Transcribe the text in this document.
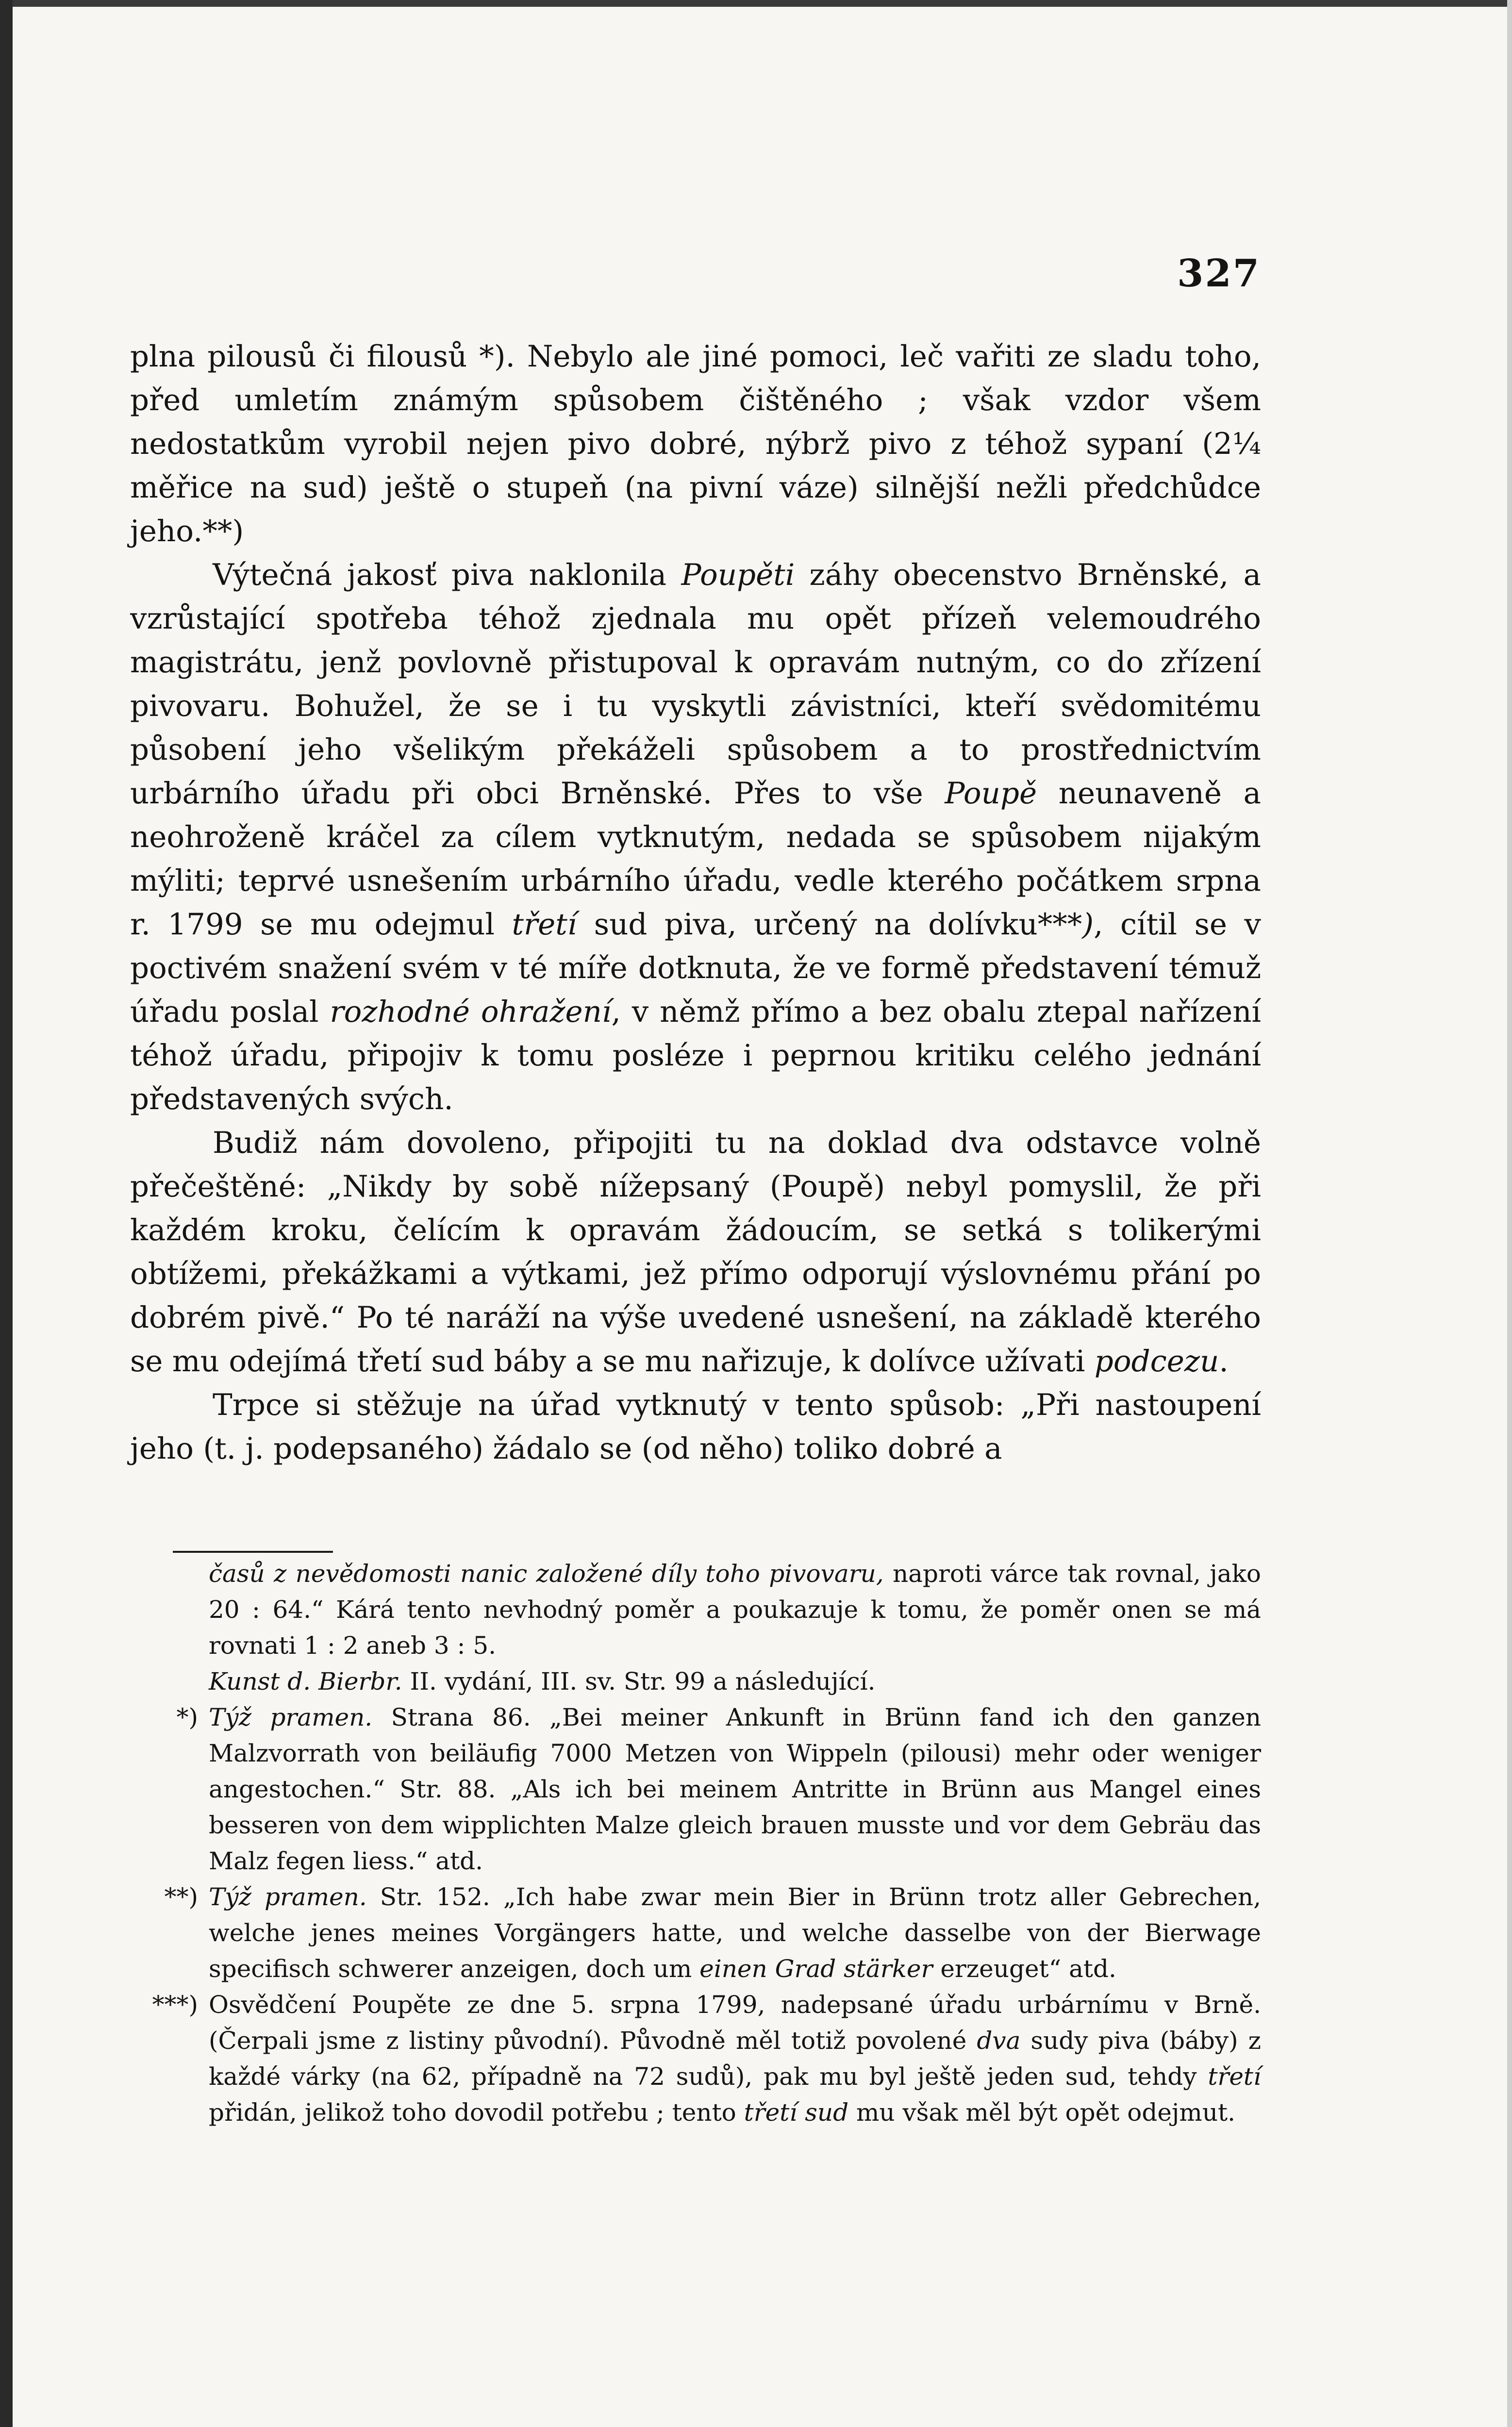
327

plna pilousů či filousů *). Nebylo ale jiné pomoci, leč vařiti ze sladu toho, před umletím známým spůsobem čištěného ; však vzdor všem nedostatkům vyrobil nejen pivo dobré, nýbrž pivo z téhož sypaní (2¼ měřice na sud) ještě o stupeň (na pivní váze) silnější nežli předchůdce jeho.**)

Výtečná jakosť piva naklonila Poupěti záhy obecenstvo Brněnské, a vzrůstající spotřeba téhož zjednala mu opět přízeň velemoudrého magistrátu, jenž povlovně přistupoval k opravám nutným, co do zřízení pivovaru. Bohužel, že se i tu vyskytli závistníci, kteří svědomitému působení jeho všelikým překáželi spůsobem a to prostřednictvím urbárního úřadu při obci Brněnské. Přes to vše Poupě neunaveně a neohroženě kráčel za cílem vytknutým, nedada se spůsobem nijakým mýliti; teprvé usnešením urbárního úřadu, vedle kterého počátkem srpna r. 1799 se mu odejmul třetí sud piva, určený na dolívku***), cítil se v poctivém snažení svém v té míře dotknuta, že ve formě představení témuž úřadu poslal rozhodné ohražení, v němž přímo a bez obalu ztepal nařízení téhož úřadu, připojiv k tomu posléze i peprnou kritiku celého jednání představených svých.

Budiž nám dovoleno, připojiti tu na doklad dva odstavce volně přečeštěné: „Nikdy by sobě nížepsaný (Poupě) nebyl pomyslil, že při každém kroku, čelícím k opravám žádoucím, se setká s tolikerými obtížemi, překážkami a výtkami, jež přímo odporují výslovnému přání po dobrém pivě.“ Po té naráží na výše uvedené usnešení, na základě kterého se mu odejímá třetí sud báby a se mu nařizuje, k dolívce užívati podcezu.

Trpce si stěžuje na úřad vytknutý v tento spůsob: „Při nastoupení jeho (t. j. podepsaného) žádalo se (od něho) toliko dobré a

časů z nevědomosti nanic založené díly toho pivovaru, naproti várce tak rovnal, jako 20 : 64.“ Kárá tento nevhodný poměr a poukazuje k tomu, že poměr onen se má rovnati 1 : 2 aneb 3 : 5.

Kunst d. Bierbr. II. vydání, III. sv. Str. 99 a následující.

*) Týž pramen. Strana 86. „Bei meiner Ankunft in Brünn fand ich den ganzen Malzvorrath von beiläufig 7000 Metzen von Wippeln (pilousi) mehr oder weniger angestochen.“ Str. 88. „Als ich bei meinem Antritte in Brünn aus Mangel eines besseren von dem wipplichten Malze gleich brauen musste und vor dem Gebräu das Malz fegen liess.“ atd.

**) Týž pramen. Str. 152. „Ich habe zwar mein Bier in Brünn trotz aller Gebrechen, welche jenes meines Vorgängers hatte, und welche dasselbe von der Bierwage specifisch schwerer anzeigen, doch um einen Grad stärker erzeuget“ atd.

***) Osvědčení Poupěte ze dne 5. srpna 1799, nadepsané úřadu urbárnímu v Brně. (Čerpali jsme z listiny původní). Původně měl totiž povolené dva sudy piva (báby) z každé várky (na 62, případně na 72 sudů), pak mu byl ještě jeden sud, tehdy třetí přidán, jelikož toho dovodil potřebu ; tento třetí sud mu však měl být opět odejmut.
